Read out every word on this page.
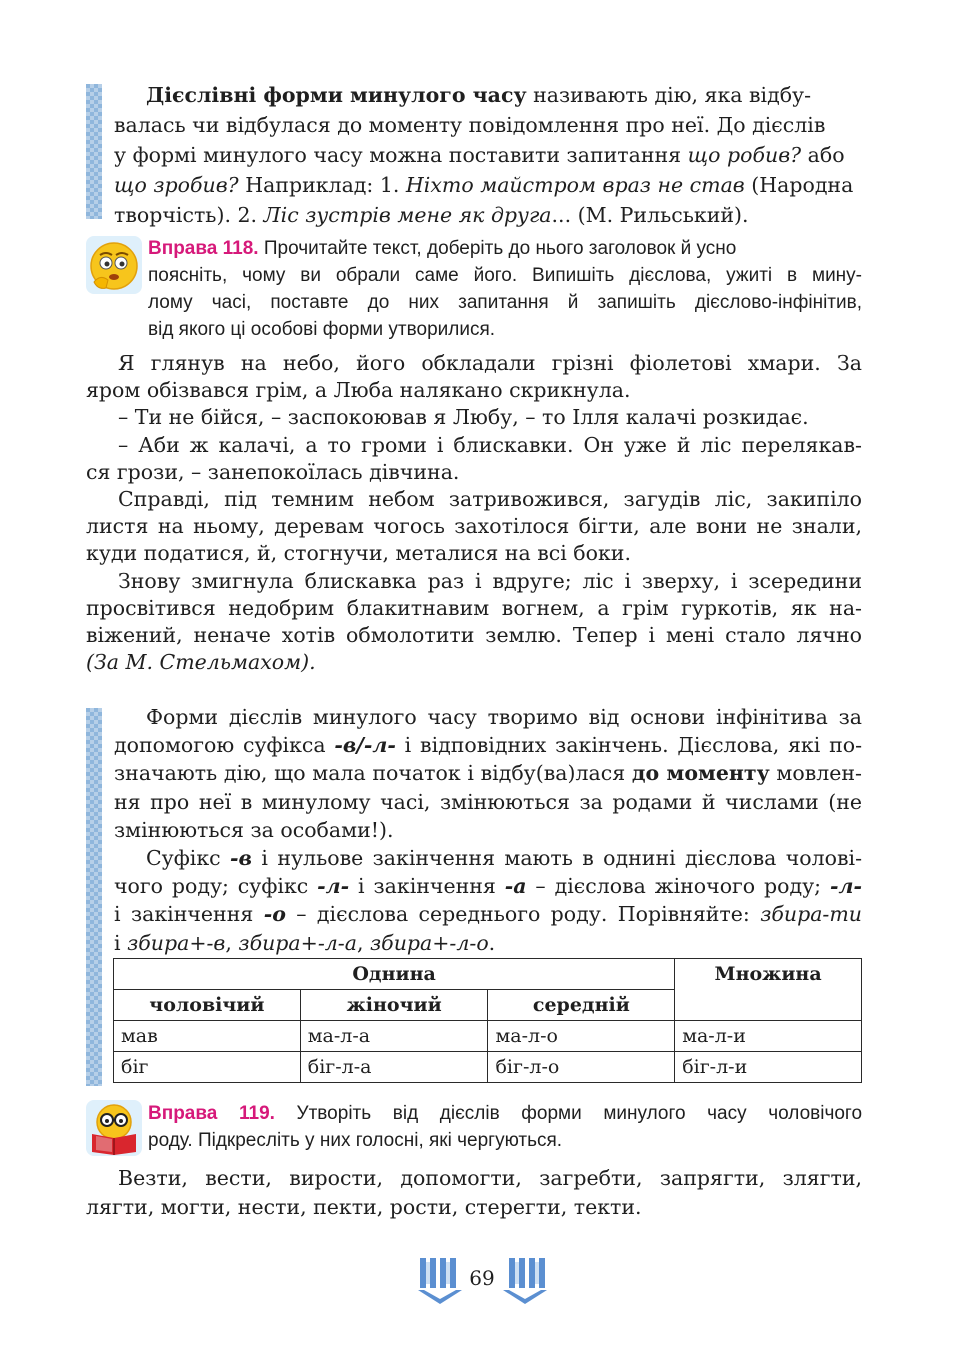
Дієслівні форми минулого часу називають дію, яка відбу-
валась чи відбулася до моменту повідомлення про неї. До дієслів
у формі минулого часу можна поставити запитання що робив? або
що зробив? Наприклад: 1. Ніхто майстром враз не став (Народна
творчість). 2. Ліс зустрів мене як друга... (М. Рильський).
Вправа 118. Прочитайте текст, доберіть до нього заголовок й усно
поясніть, чому ви обрали саме його. Випишіть дієслова, ужиті в мину-
лому часі, поставте до них запитання й запишіть дієслово-інфінітив,
від якого ці особові форми утворилися.
Я глянув на небо, його обкладали грізні фіолетові хмари. За
яром обізвався грім, а Люба налякано скрикнула.
– Ти не бійся, – заспокоював я Любу, – то Ілля калачі розкидає.
– Аби ж калачі, а то громи і блискавки. Он уже й ліс перелякав-
ся грози, – занепокоїлась дівчина.
Справді, під темним небом затривожився, загудів ліс, закипіло
листя на ньому, деревам чогось захотілося бігти, але вони не знали,
куди податися, й, стогнучи, металися на всі боки.
Знову змигнула блискавка раз і вдруге; ліс і зверху, і зсередини
просвітився недобрим блакитнавим вогнем, а грім гуркотів, як на-
віжений, неначе хотів обмолотити землю. Тепер і мені стало лячно
(За М. Стельмахом).
Форми дієслів минулого часу творимо від основи інфінітива за
допомогою суфікса -в/-л- і відповідних закінчень. Дієслова, які по-
значають дію, що мала початок і відбу(ва)лася до моменту мовлен-
ня про неї в минулому часі, змінюються за родами й числами (не
змінюються за особами!).
Суфікс -в і нульове закінчення мають в однині дієслова чолові-
чого роду; суфікс -л- і закінчення -а – дієслова жіночого роду; -л-
і закінчення -о – дієслова середнього роду. Порівняйте: збира-ти
і збира+-в, збира+-л-а, збира+-л-о.
Однина			Множина
чоловічий	жіночий	середній	
мав	ма-л-а	ма-л-о	ма-л-и
біг	біг-л-а	біг-л-о	біг-л-и
Вправа 119. Утворіть від дієслів форми минулого часу чоловічого
роду. Підкресліть у них голосні, які чергуються.
Везти, вести, вирости, допомогти, загребти, запрягти, злягти,
лягти, могти, нести, пекти, рости, стерегти, текти.
69
